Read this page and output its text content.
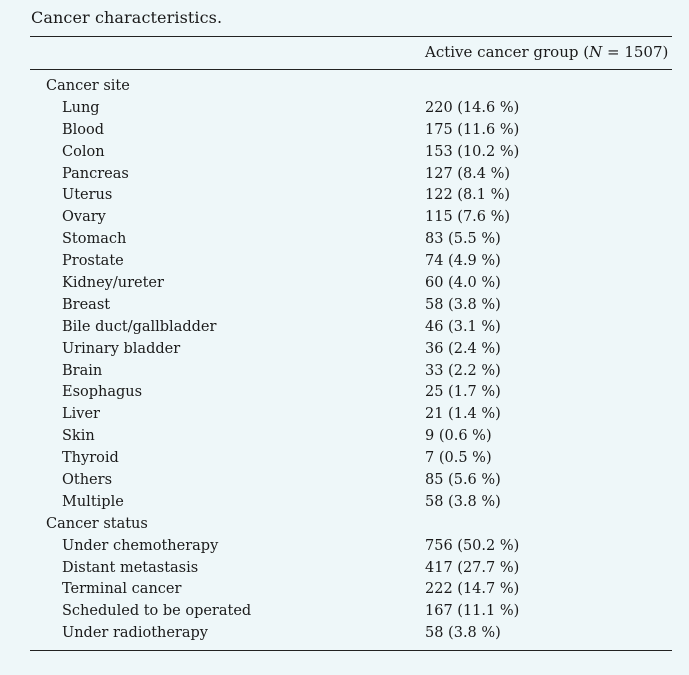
Cancer characteristics.
Active cancer group (N = 1507)
Cancer site
Lung	220 (14.6 %)
Blood	175 (11.6 %)
Colon	153 (10.2 %)
Pancreas	127 (8.4 %)
Uterus	122 (8.1 %)
Ovary	115 (7.6 %)
Stomach	83 (5.5 %)
Prostate	74 (4.9 %)
Kidney/ureter	60 (4.0 %)
Breast	58 (3.8 %)
Bile duct/gallbladder	46 (3.1 %)
Urinary bladder	36 (2.4 %)
Brain	33 (2.2 %)
Esophagus	25 (1.7 %)
Liver	21 (1.4 %)
Skin	9 (0.6 %)
Thyroid	7 (0.5 %)
Others	85 (5.6 %)
Multiple	58 (3.8 %)
Cancer status
Under chemotherapy	756 (50.2 %)
Distant metastasis	417 (27.7 %)
Terminal cancer	222 (14.7 %)
Scheduled to be operated	167 (11.1 %)
Under radiotherapy	58 (3.8 %)
